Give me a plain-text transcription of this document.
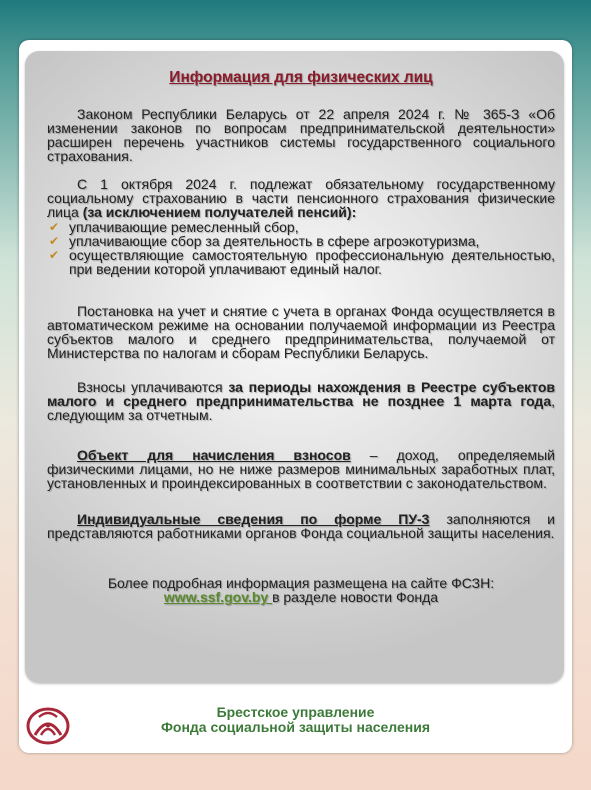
Информация для физических лиц

Законом Республики Беларусь от 22 апреля 2024 г. № 365-З «Об изменении законов по вопросам предпринимательской деятельности» расширен перечень участников системы государственного социального страхования.

С 1 октября 2024 г. подлежат обязательному государственному социальному страхованию в части пенсионного страхования физические лица (за исключением получателей пенсий):

✔ уплачивающие ремесленный сбор,
✔ уплачивающие сбор за деятельность в сфере агроэкотуризма,
✔ осуществляющие самостоятельную профессиональную деятельностью, при ведении которой уплачивают единый налог.

Постановка на учет и снятие с учета в органах Фонда осуществляется в автоматическом режиме на основании получаемой информации из Реестра субъектов малого и среднего предпринимательства, получаемой от Министерства по налогам и сборам Республики Беларусь.

Взносы уплачиваются за периоды нахождения в Реестре субъектов малого и среднего предпринимательства не позднее 1 марта года, следующим за отчетным.

Объект для начисления взносов – доход, определяемый физическими лицами, но не ниже размеров минимальных заработных плат, установленных и проиндексированных в соответствии с законодательством.

Индивидуальные сведения по форме ПУ-3 заполняются и представляются работниками органов Фонда социальной защиты населения.

Более подробная информация размещена на сайте ФСЗН:

www.ssf.gov.by в разделе новости Фонда

Брестское управление
Фонда социальной защиты населения
